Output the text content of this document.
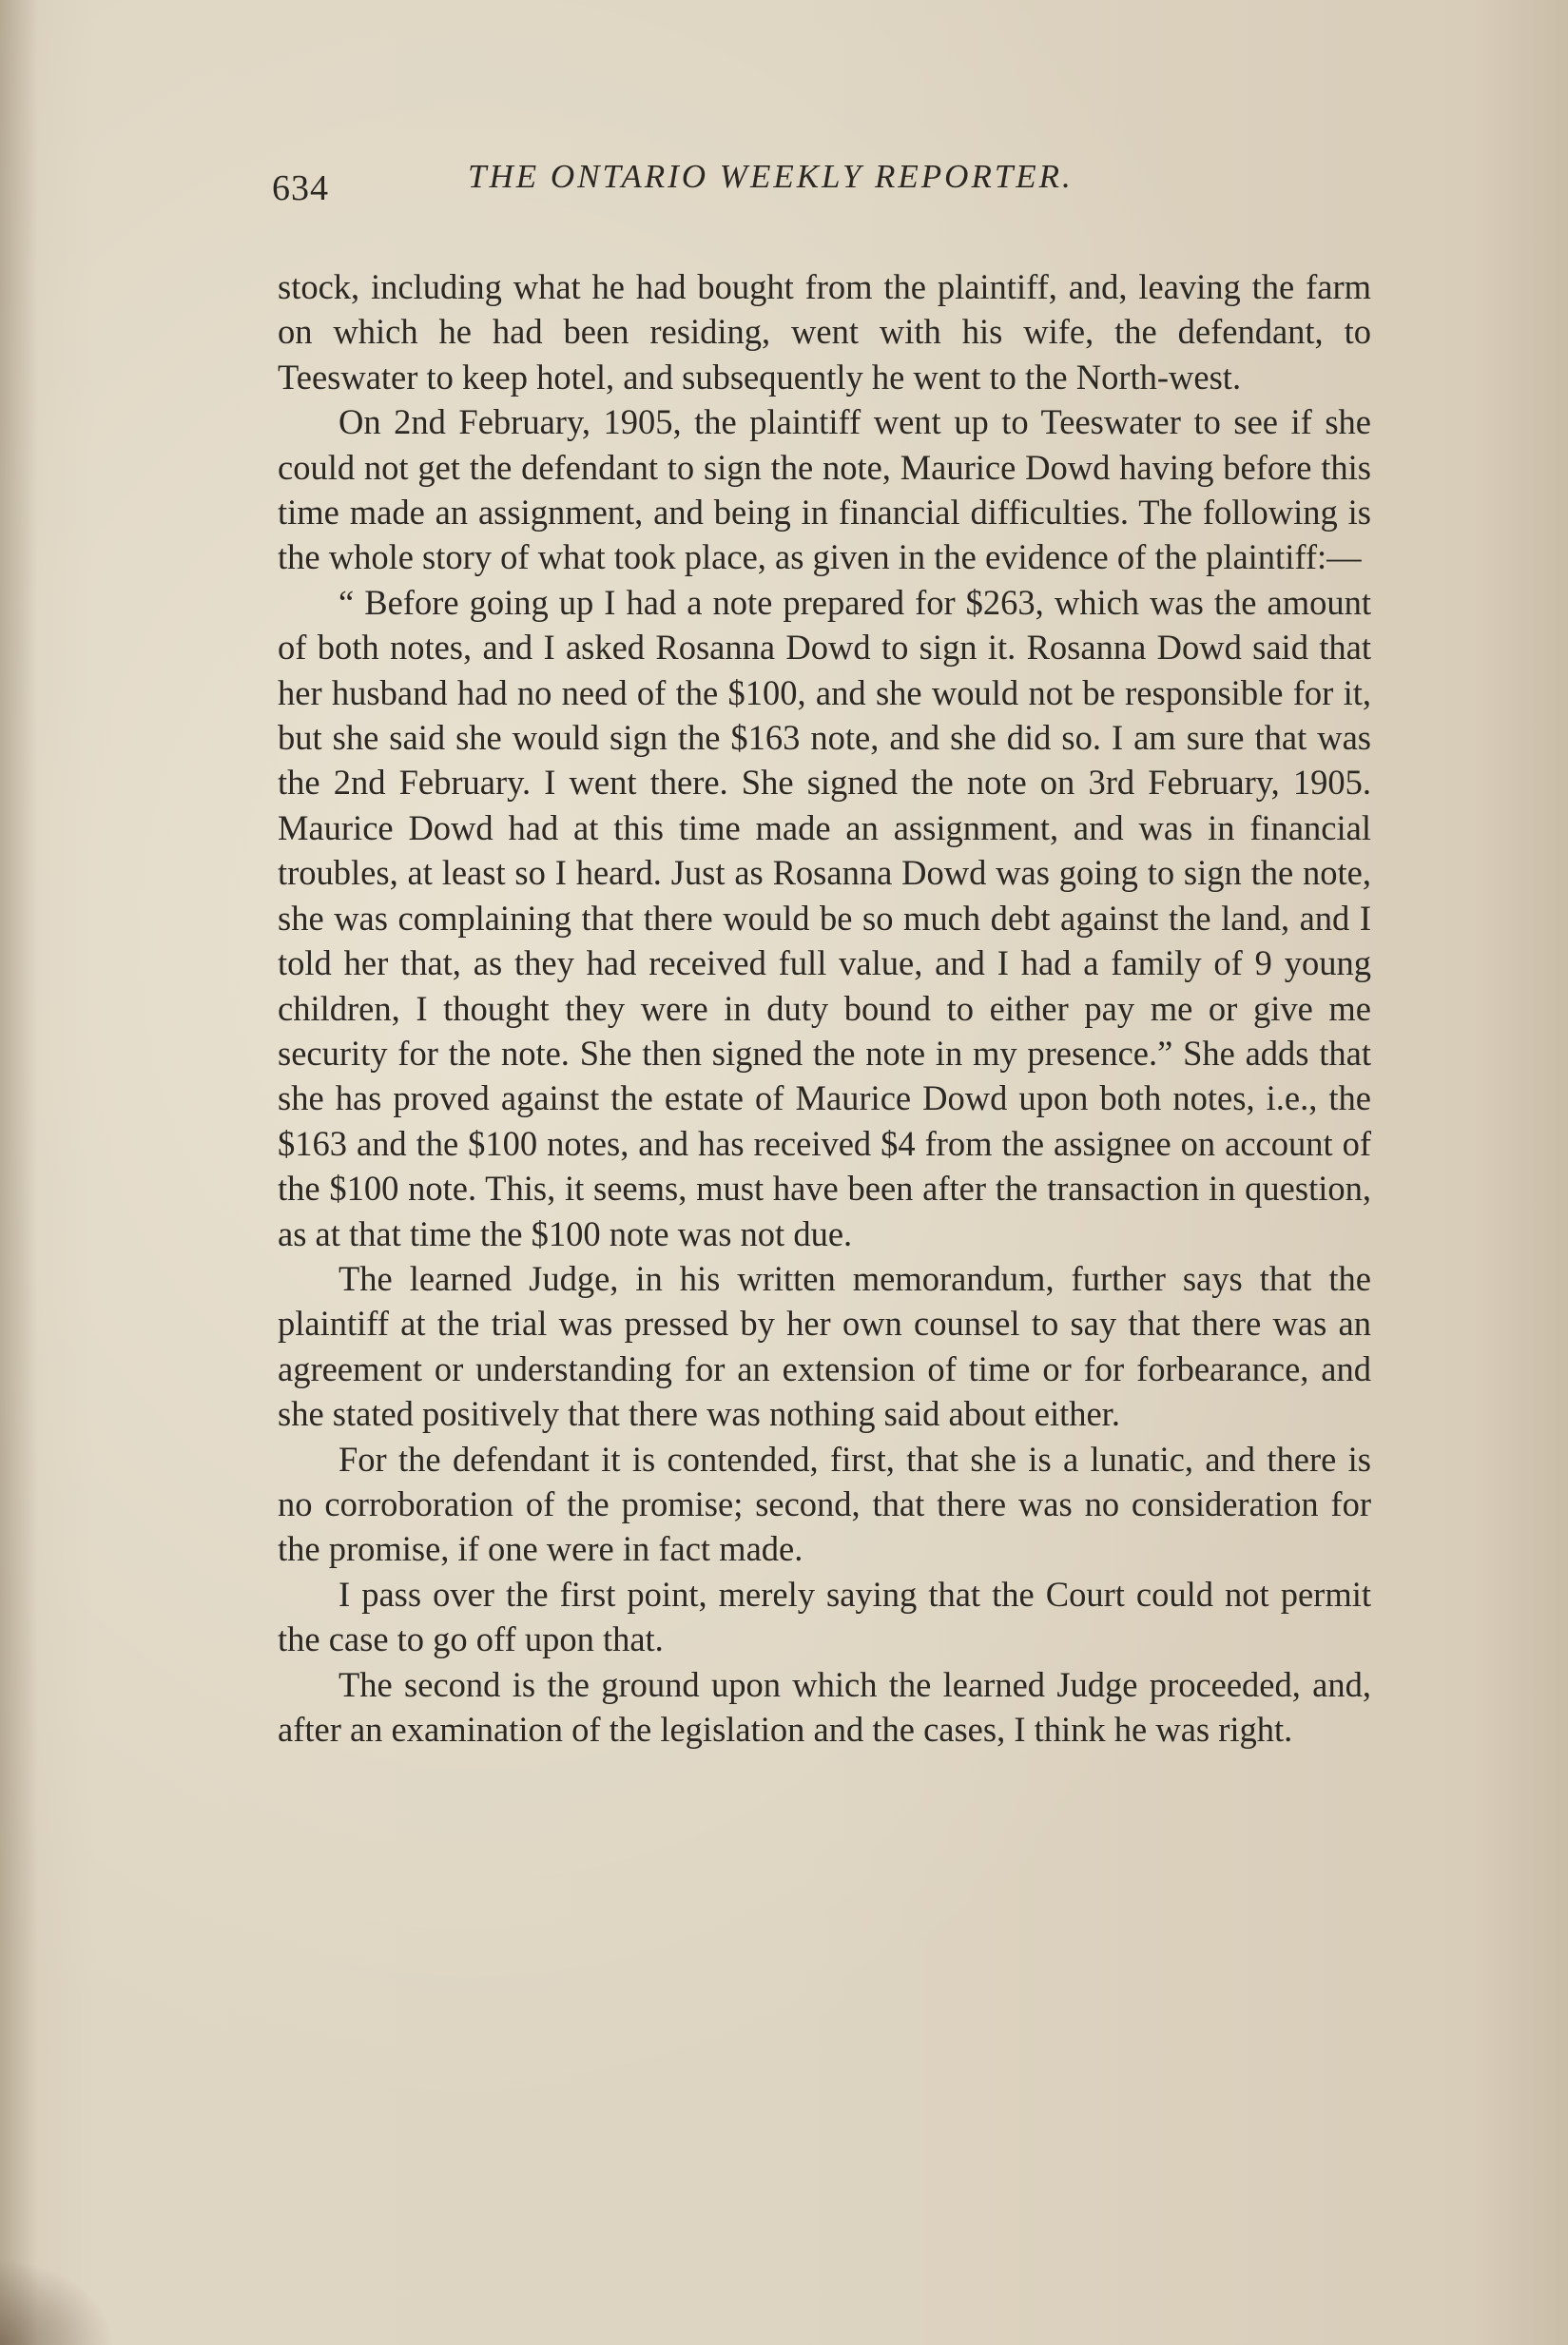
634	THE ONTARIO WEEKLY REPORTER.

stock, including what he had bought from the plaintiff, and, leaving the farm on which he had been residing, went with his wife, the defendant, to Teeswater to keep hotel, and subsequently he went to the North-west.

On 2nd February, 1905, the plaintiff went up to Teeswater to see if she could not get the defendant to sign the note, Maurice Dowd having before this time made an assignment, and being in financial difficulties. The following is the whole story of what took place, as given in the evidence of the plaintiff:—

“ Before going up I had a note prepared for $263, which was the amount of both notes, and I asked Rosanna Dowd to sign it. Rosanna Dowd said that her husband had no need of the $100, and she would not be responsible for it, but she said she would sign the $163 note, and she did so. I am sure that was the 2nd February. I went there. She signed the note on 3rd February, 1905. Maurice Dowd had at this time made an assignment, and was in financial troubles, at least so I heard. Just as Rosanna Dowd was going to sign the note, she was complaining that there would be so much debt against the land, and I told her that, as they had received full value, and I had a family of 9 young children, I thought they were in duty bound to either pay me or give me security for the note. She then signed the note in my presence.” She adds that she has proved against the estate of Maurice Dowd upon both notes, i.e., the $163 and the $100 notes, and has received $4 from the assignee on account of the $100 note. This, it seems, must have been after the transaction in question, as at that time the $100 note was not due.

The learned Judge, in his written memorandum, further says that the plaintiff at the trial was pressed by her own counsel to say that there was an agreement or understanding for an extension of time or for forbearance, and she stated positively that there was nothing said about either.

For the defendant it is contended, first, that she is a lunatic, and there is no corroboration of the promise; second, that there was no consideration for the promise, if one were in fact made.

I pass over the first point, merely saying that the Court could not permit the case to go off upon that.

The second is the ground upon which the learned Judge proceeded, and, after an examination of the legislation and the cases, I think he was right.
